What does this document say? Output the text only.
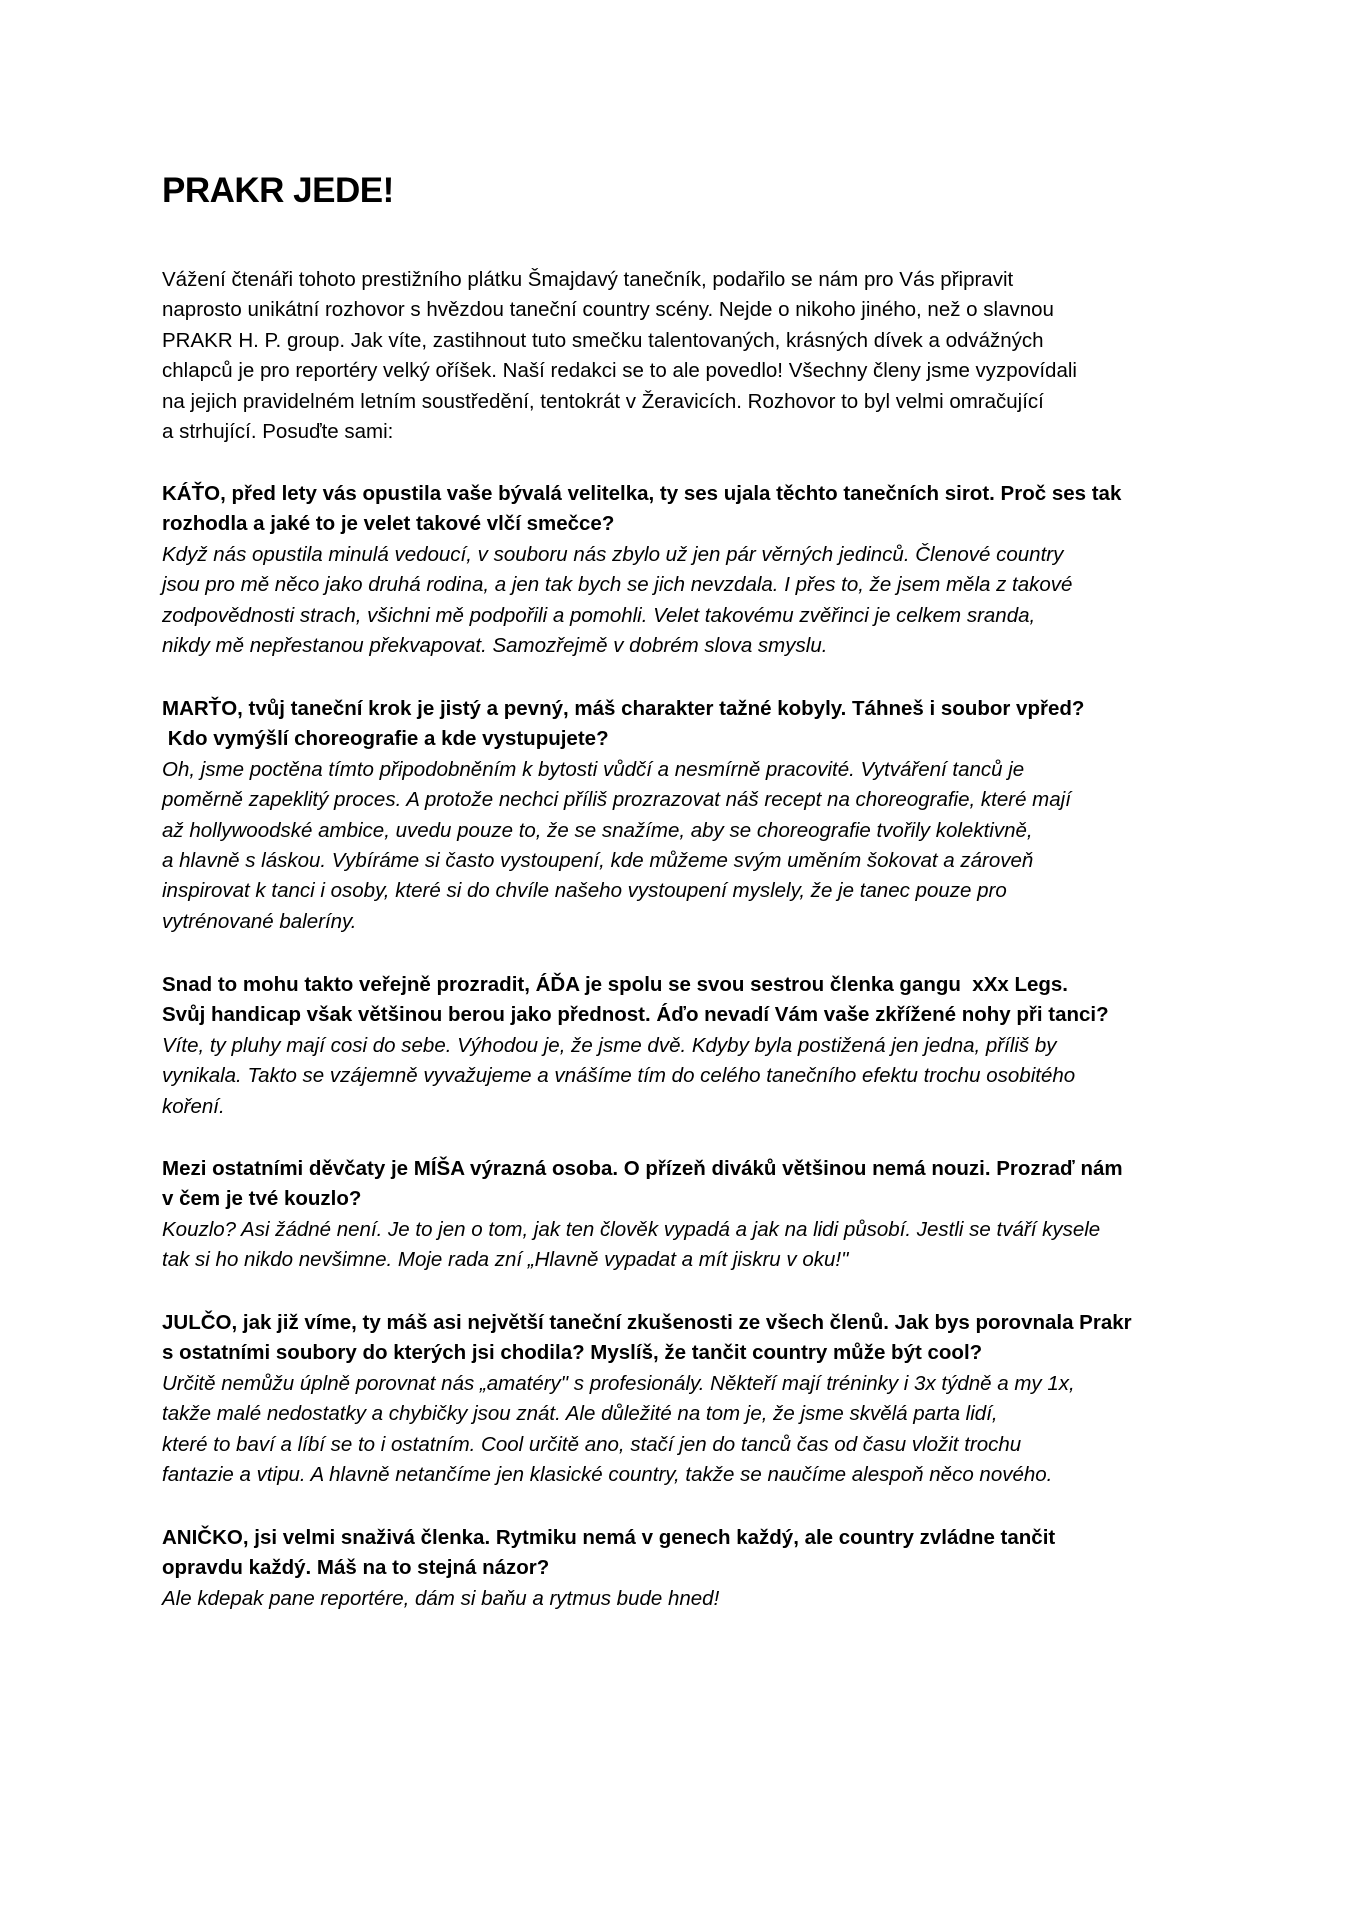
PRAKR JEDE!
Vážení čtenáři tohoto prestižního plátku Šmajdavý tanečník, podařilo se nám pro Vás připravit
naprosto unikátní rozhovor s hvězdou taneční country scény. Nejde o nikoho jiného, než o slavnou
PRAKR H. P. group. Jak víte, zastihnout tuto smečku talentovaných, krásných dívek a odvážných
chlapců je pro reportéry velký oříšek. Naší redakci se to ale povedlo! Všechny členy jsme vyzpovídali
na jejich pravidelném letním soustředění, tentokrát v Žeravicích. Rozhovor to byl velmi omračující
a strhující. Posuďte sami:
KÁŤO, před lety vás opustila vaše bývalá velitelka, ty ses ujala těchto tanečních sirot. Proč ses tak
rozhodla a jaké to je velet takové vlčí smečce?
Když nás opustila minulá vedoucí, v souboru nás zbylo už jen pár věrných jedinců. Členové country
jsou pro mě něco jako druhá rodina, a jen tak bych se jich nevzdala. I přes to, že jsem měla z takové
zodpovědnosti strach, všichni mě podpořili a pomohli. Velet takovému zvěřinci je celkem sranda,
nikdy mě nepřestanou překvapovat. Samozřejmě v dobrém slova smyslu.
MARŤO, tvůj taneční krok je jistý a pevný, máš charakter tažné kobyly. Táhneš i soubor vpřed?
Kdo vymýšlí choreografie a kde vystupujete?
Oh, jsme poctěna tímto připodobněním k bytosti vůdčí a nesmírně pracovité. Vytváření tanců je
poměrně zapeklitý proces. A protože nechci příliš prozrazovat náš recept na choreografie, které mají
až hollywoodské ambice, uvedu pouze to, že se snažíme, aby se choreografie tvořily kolektivně,
a hlavně s láskou. Vybíráme si často vystoupení, kde můžeme svým uměním šokovat a zároveň
inspirovat k tanci i osoby, které si do chvíle našeho vystoupení myslely, že je tanec pouze pro
vytrénované baleríny.
Snad to mohu takto veřejně prozradit, ÁĎA je spolu se svou sestrou členka gangu  xXx Legs.
Svůj handicap však většinou berou jako přednost. Áďo nevadí Vám vaše zkřížené nohy při tanci?
Víte, ty pluhy mají cosi do sebe. Výhodou je, že jsme dvě. Kdyby byla postižená jen jedna, příliš by
vynikala. Takto se vzájemně vyvažujeme a vnášíme tím do celého tanečního efektu trochu osobitého
koření.
Mezi ostatními děvčaty je MÍŠA výrazná osoba. O přízeň diváků většinou nemá nouzi. Prozraď nám
v čem je tvé kouzlo?
Kouzlo? Asi žádné není. Je to jen o tom, jak ten člověk vypadá a jak na lidi působí. Jestli se tváří kysele
tak si ho nikdo nevšimne. Moje rada zní „Hlavně vypadat a mít jiskru v oku!"
JULČO, jak již víme, ty máš asi největší taneční zkušenosti ze všech členů. Jak bys porovnala Prakr
s ostatními soubory do kterých jsi chodila? Myslíš, že tančit country může být cool?
Určitě nemůžu úplně porovnat nás „amatéry" s profesionály. Někteří mají tréninky i 3x týdně a my 1x,
takže malé nedostatky a chybičky jsou znát. Ale důležité na tom je, že jsme skvělá parta lidí,
které to baví a líbí se to i ostatním. Cool určitě ano, stačí jen do tanců čas od času vložit trochu
fantazie a vtipu. A hlavně netančíme jen klasické country, takže se naučíme alespoň něco nového.
ANIČKO, jsi velmi snaživá členka. Rytmiku nemá v genech každý, ale country zvládne tančit
opravdu každý. Máš na to stejná názor?
Ale kdepak pane reportére, dám si baňu a rytmus bude hned!
